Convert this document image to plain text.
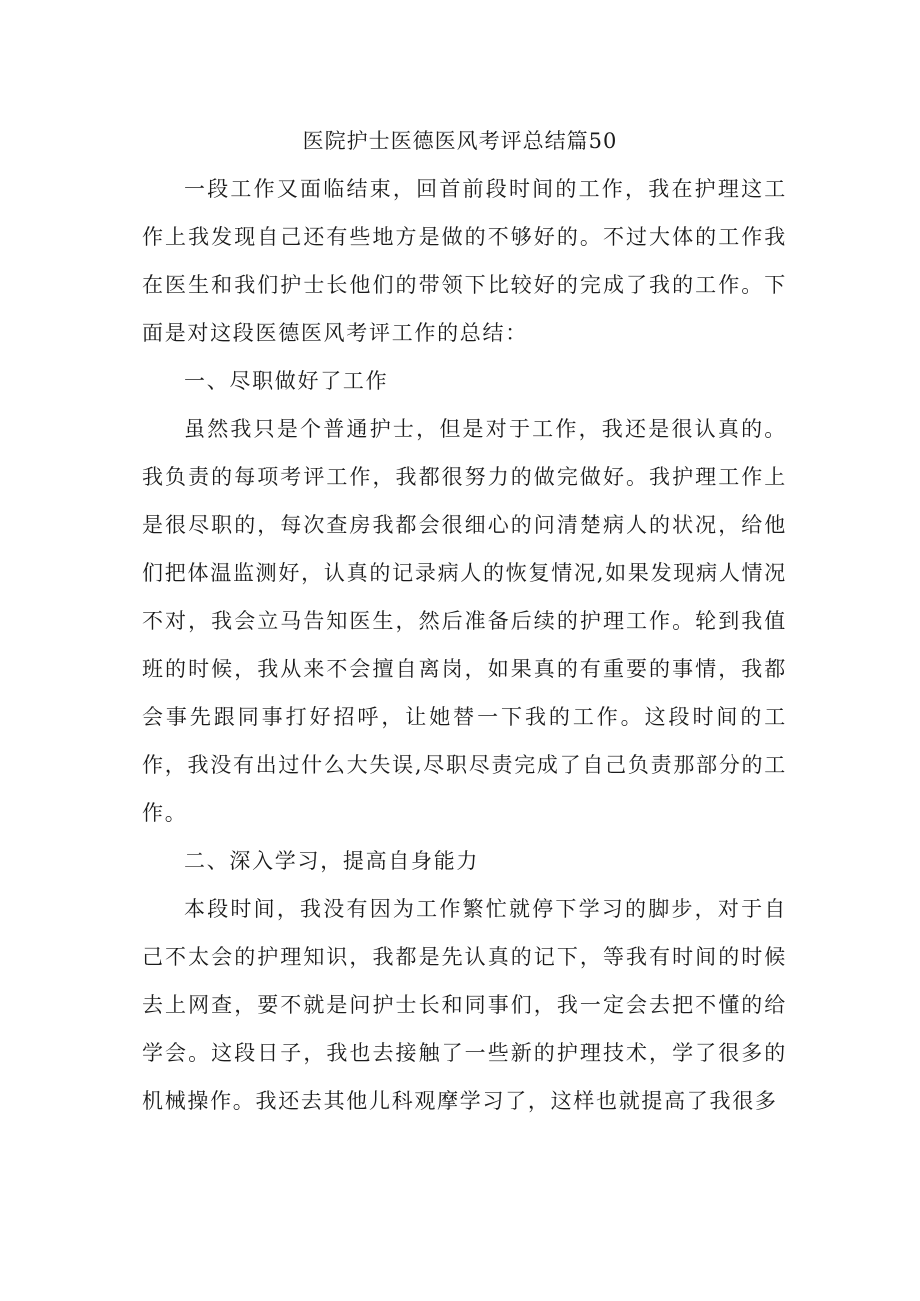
医院护士医德医风考评总结篇50

一段工作又面临结束，回首前段时间的工作，我在护理这工作上我发现自己还有些地方是做的不够好的。不过大体的工作我在医生和我们护士长他们的带领下比较好的完成了我的工作。下面是对这段医德医风考评工作的总结：

一、尽职做好了工作

虽然我只是个普通护士，但是对于工作，我还是很认真的。我负责的每项考评工作，我都很努力的做完做好。我护理工作上是很尽职的，每次查房我都会很细心的问清楚病人的状况，给他们把体温监测好，认真的记录病人的恢复情况,如果发现病人情况不对，我会立马告知医生，然后准备后续的护理工作。轮到我值班的时候，我从来不会擅自离岗，如果真的有重要的事情，我都会事先跟同事打好招呼，让她替一下我的工作。这段时间的工作，我没有出过什么大失误,尽职尽责完成了自己负责那部分的工作。

二、深入学习，提高自身能力

本段时间，我没有因为工作繁忙就停下学习的脚步，对于自己不太会的护理知识，我都是先认真的记下，等我有时间的时候去上网查，要不就是问护士长和同事们，我一定会去把不懂的给学会。这段日子，我也去接触了一些新的护理技术，学了很多的机械操作。我还去其他儿科观摩学习了，这样也就提高了我很多
